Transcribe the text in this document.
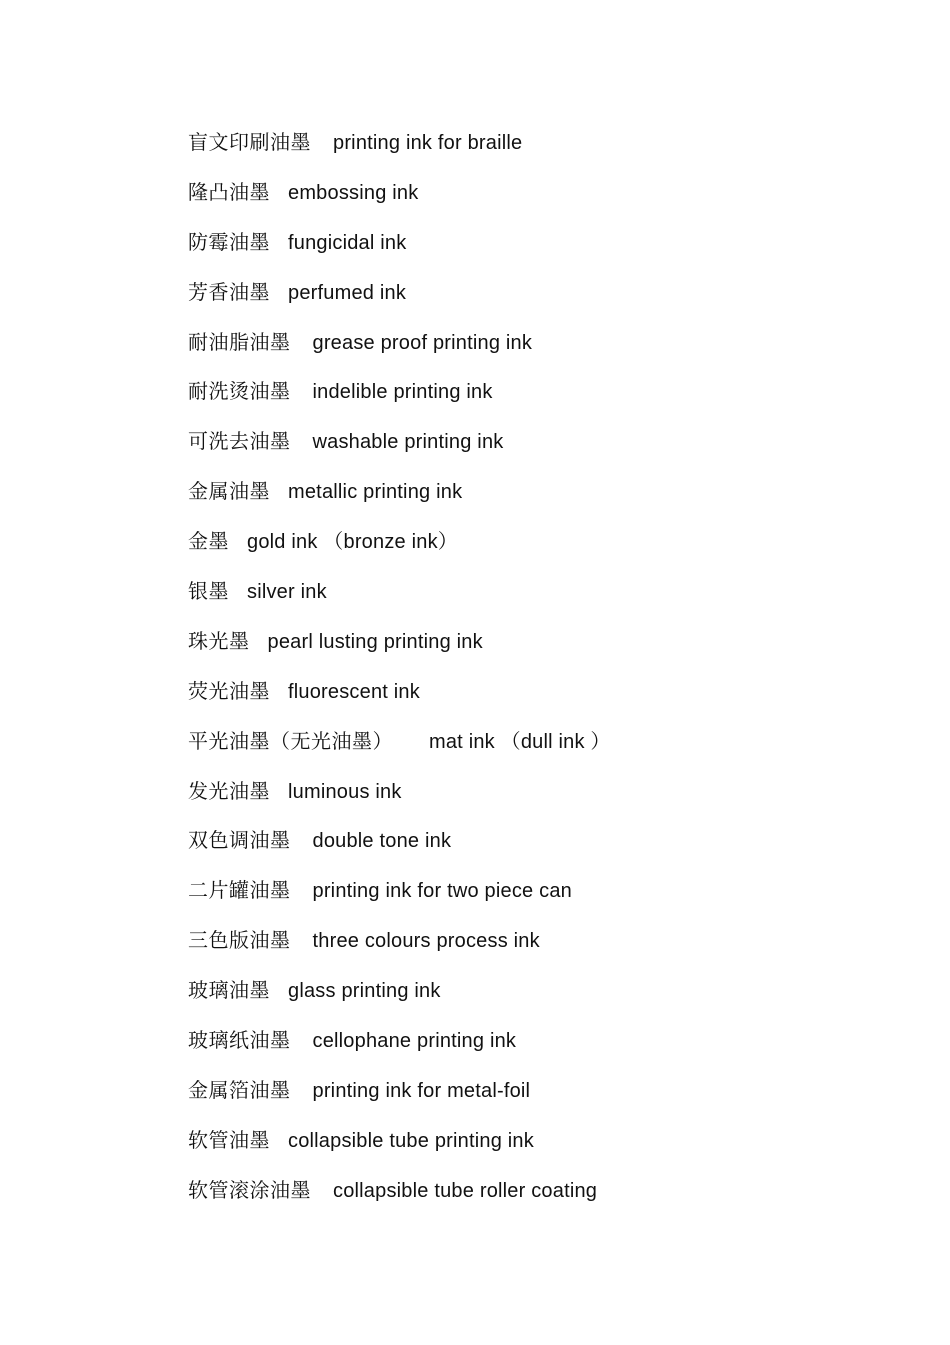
盲文印刷油墨 printing ink for braille
隆凸油墨 embossing ink
防霉油墨 fungicidal ink
芳香油墨 perfumed ink
耐油脂油墨 grease proof printing ink
耐洗烫油墨 indelible printing ink
可洗去油墨 washable printing ink
金属油墨 metallic printing ink
金墨 gold ink （bronze ink）
银墨 silver ink
珠光墨 pearl lusting printing ink
荧光油墨 fluorescent ink
平光油墨（无光油墨） mat ink （dull ink ）
发光油墨 luminous ink
双色调油墨 double tone ink
二片罐油墨 printing ink for two piece can
三色版油墨 three colours process ink
玻璃油墨 glass printing ink
玻璃纸油墨 cellophane printing ink
金属箔油墨 printing ink for metal-foil
软管油墨 collapsible tube printing ink
软管滚涂油墨 collapsible tube roller coating
